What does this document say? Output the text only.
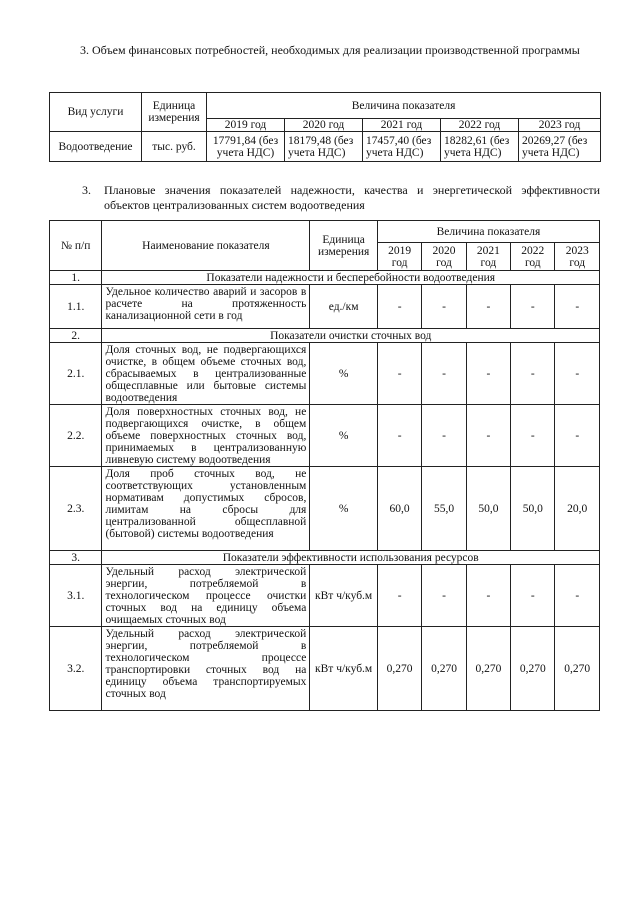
3. Объем финансовых потребностей, необходимых для реализации производственной программы
Вид услуги	Единица измерения	Величина показателя				
		2019 год	2020 год	2021 год	2022 год	2023 год
Водоотведение	тыс. руб.	17791,84 (без учета НДС)	18179,48 (без учета НДС)	17457,40 (без учета НДС)	18282,61 (без учета НДС)	20269,27 (без учета НДС)
3.	Плановые значения показателей надежности, качества и энергетической эффективности объектов централизованных систем водоотведения
№ п/п	Наименование показателя	Единица измерения	Величина показателя				
			2019 год	2020 год	2021 год	2022 год	2023 год
1.	Показатели надежности и бесперебойности водоотведения						
1.1.	Удельное количество аварий и засоров в расчете на протяженность канализационной сети в год	ед./км	-	-	-	-	-
2.	Показатели очистки сточных вод						
2.1.	Доля сточных вод, не подвергающихся очистке, в общем объеме сточных вод, сбрасываемых в централизованные общесплавные или бытовые системы водоотведения	%	-	-	-	-	-
2.2.	Доля поверхностных сточных вод, не подвергающихся очистке, в общем объеме поверхностных сточных вод, принимаемых в централизованную ливневую систему водоотведения	%	-	-	-	-	-
2.3.	Доля проб сточных вод, не соответствующих установленным нормативам допустимых сбросов, лимитам на сбросы для централизованной общесплавной (бытовой) системы водоотведения	%	60,0	55,0	50,0	50,0	20,0
3.	Показатели эффективности использования ресурсов						
3.1.	Удельный расход электрической энергии, потребляемой в технологическом процессе очистки сточных вод на единицу объема очищаемых сточных вод	кВт ч/куб.м	-	-	-	-	-
3.2.	Удельный расход электрической энергии, потребляемой в технологическом процессе транспортировки сточных вод на единицу объема транспортируемых сточных вод	кВт ч/куб.м	0,270	0,270	0,270	0,270	0,270
